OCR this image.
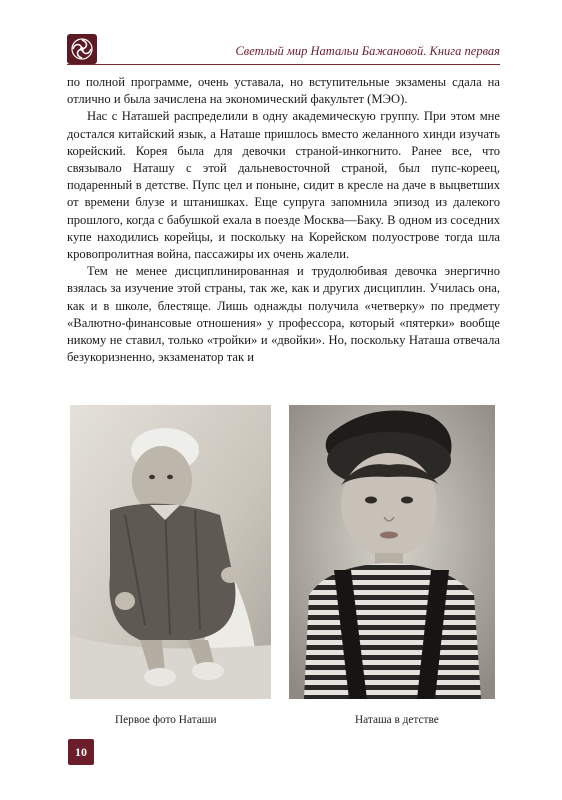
Светлый мир Натальи Бажановой. Книга первая

по полной программе, очень уставала, но вступительные экзамены сдала на отлично и была зачислена на экономический факультет (МЭО).

Нас с Наташей распределили в одну академическую группу. При этом мне достался китайский язык, а Наташе пришлось вместо желанного хинди изучать корейский. Корея была для девочки страной-инкогнито. Ранее все, что связывало Наташу с этой дальневосточной страной, был пупс-кореец, подаренный в детстве. Пупс цел и поныне, сидит в кресле на даче в выцветших от времени блузе и штанишках. Еще супруга запомнила эпизод из далекого прошлого, когда с бабушкой ехала в поезде Москва—Баку. В одном из соседних купе находились корейцы, и поскольку на Корейском полуострове тогда шла кровопролитная война, пассажиры их очень жалели.

Тем не менее дисциплинированная и трудолюбивая девочка энергично взялась за изучение этой страны, так же, как и других дисциплин. Училась она, как и в школе, блестяще. Лишь однажды получила «четверку» по предмету «Валютно-финансовые отношения» у профессора, который «пятерки» вообще никому не ставил, только «тройки» и «двойки». Но, поскольку Наташа отвечала безукоризненно, экзаменатор так и

Первое фото Наташи	Наташа в детстве
10
